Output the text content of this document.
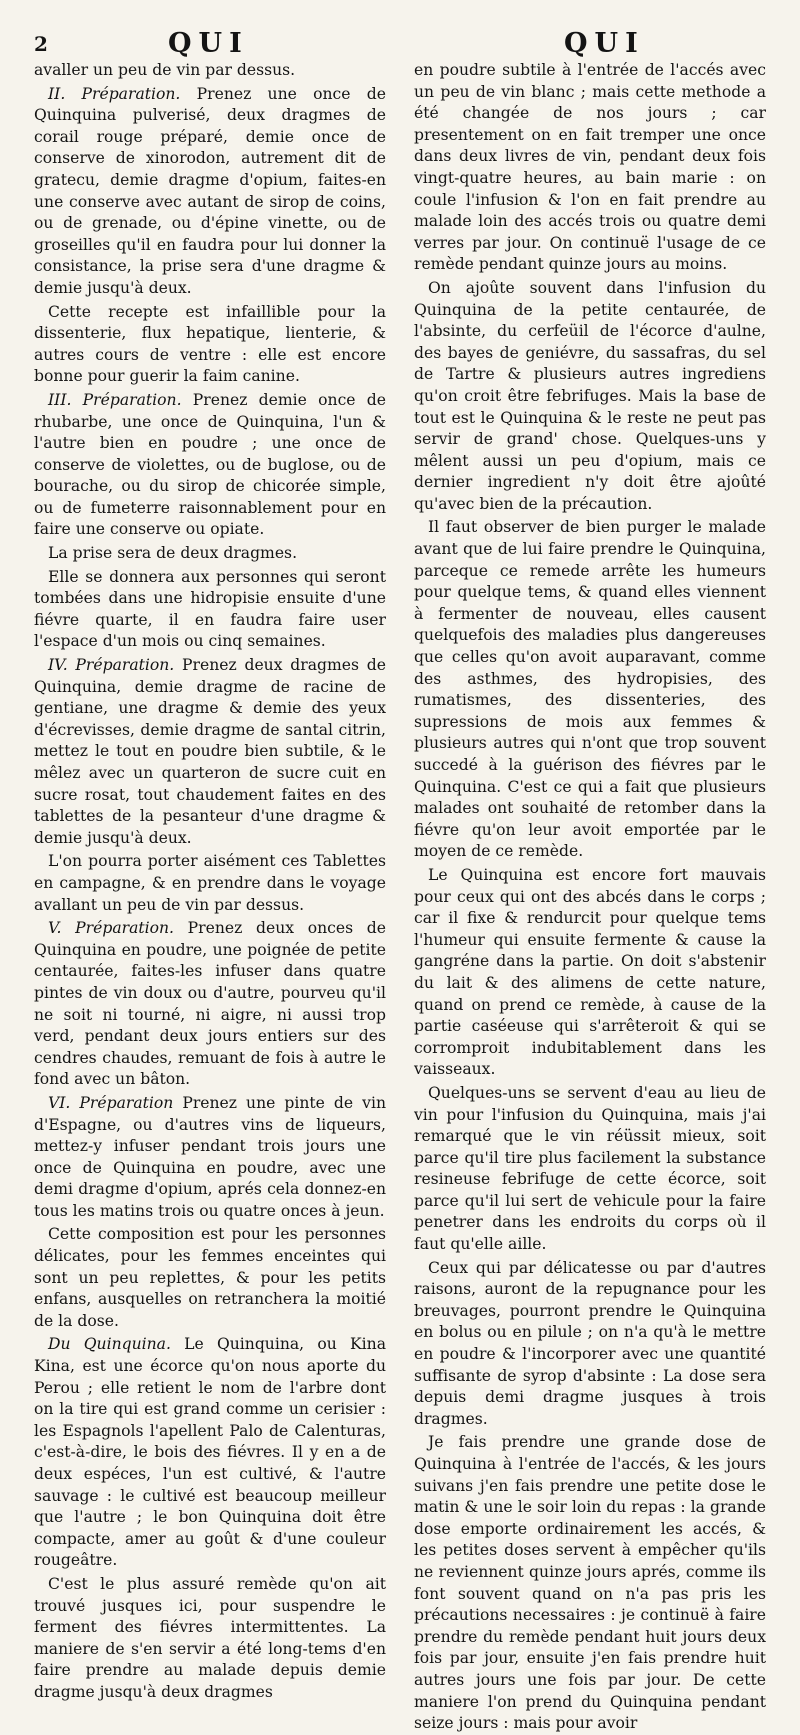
2	QUI	QUI

avaller un peu de vin par dessus.

II. Préparation. Prenez une once de Quinquina pulverisé, deux dragmes de corail rouge préparé, demie once de conserve de xinorodon, autrement dit de gratecu, demie dragme d'opium, faites-en une conserve avec autant de sirop de coins, ou de grenade, ou d'épine vinette, ou de groseilles qu'il en faudra pour lui donner la consistance, la prise sera d'une dragme & demie jusqu'à deux.

Cette recepte est infaillible pour la dissenterie, flux hepatique, lienterie, & autres cours de ventre : elle est encore bonne pour guerir la faim canine.

III. Préparation. Prenez demie once de rhubarbe, une once de Quinquina, l'un & l'autre bien en poudre ; une once de conserve de violettes, ou de buglose, ou de bourache, ou du sirop de chicorée simple, ou de fumeterre raisonnablement pour en faire une conserve ou opiate.

La prise sera de deux dragmes.

Elle se donnera aux personnes qui seront tombées dans une hidropisie ensuite d'une fiévre quarte, il en faudra faire user l'espace d'un mois ou cinq semaines.

IV. Préparation. Prenez deux dragmes de Quinquina, demie dragme de racine de gentiane, une dragme & demie des yeux d'écrevisses, demie dragme de santal citrin, mettez le tout en poudre bien subtile, & le mêlez avec un quarteron de sucre cuit en sucre rosat, tout chaudement faites en des tablettes de la pesanteur d'une dragme & demie jusqu'à deux.

L'on pourra porter aisément ces Tablettes en campagne, & en prendre dans le voyage avallant un peu de vin par dessus.

V. Préparation. Prenez deux onces de Quinquina en poudre, une poignée de petite centaurée, faites-les infuser dans quatre pintes de vin doux ou d'autre, pourveu qu'il ne soit ni tourné, ni aigre, ni aussi trop verd, pendant deux jours entiers sur des cendres chaudes, remuant de fois à autre le fond avec un bâton.

VI. Préparation Prenez une pinte de vin d'Espagne, ou d'autres vins de liqueurs, mettez-y infuser pendant trois jours une once de Quinquina en poudre, avec une demi dragme d'opium, aprés cela donnez-en tous les matins trois ou quatre onces à jeun.

Cette composition est pour les personnes délicates, pour les femmes enceintes qui sont un peu replettes, & pour les petits enfans, ausquelles on retranchera la moitié de la dose.

Du Quinquina. Le Quinquina, ou Kina Kina, est une écorce qu'on nous aporte du Perou ; elle retient le nom de l'arbre dont on la tire qui est grand comme un cerisier : les Espagnols l'apellent Palo de Calenturas, c'est-à-dire, le bois des fiévres. Il y en a de deux espéces, l'un est cultivé, & l'autre sauvage : le cultivé est beaucoup meilleur que l'autre ; le bon Quinquina doit être compacte, amer au goût & d'une couleur rougeâtre.

C'est le plus assuré remède qu'on ait trouvé jusques ici, pour suspendre le ferment des fiévres intermittentes. La maniere de s'en servir a été long-tems d'en faire prendre au malade depuis demie dragme jusqu'à deux dragmes

en poudre subtile à l'entrée de l'accés avec un peu de vin blanc ; mais cette methode a été changée de nos jours ; car presentement on en fait tremper une once dans deux livres de vin, pendant deux fois vingt-quatre heures, au bain marie : on coule l'infusion & l'on en fait prendre au malade loin des accés trois ou quatre demi verres par jour. On continuë l'usage de ce remède pendant quinze jours au moins.

On ajoûte souvent dans l'infusion du Quinquina de la petite centaurée, de l'absinte, du cerfeüil de l'écorce d'aulne, des bayes de geniévre, du sassafras, du sel de Tartre & plusieurs autres ingrediens qu'on croit être febrifuges. Mais la base de tout est le Quinquina & le reste ne peut pas servir de grand' chose. Quelques-uns y mêlent aussi un peu d'opium, mais ce dernier ingredient n'y doit être ajoûté qu'avec bien de la précaution.

Il faut observer de bien purger le malade avant que de lui faire prendre le Quinquina, parceque ce remede arrête les humeurs pour quelque tems, & quand elles viennent à fermenter de nouveau, elles causent quelquefois des maladies plus dangereuses que celles qu'on avoit auparavant, comme des asthmes, des hydropisies, des rumatismes, des dissenteries, des supressions de mois aux femmes & plusieurs autres qui n'ont que trop souvent succedé à la guérison des fiévres par le Quinquina. C'est ce qui a fait que plusieurs malades ont souhaité de retomber dans la fiévre qu'on leur avoit emportée par le moyen de ce remède.

Le Quinquina est encore fort mauvais pour ceux qui ont des abcés dans le corps ; car il fixe & rendurcit pour quelque tems l'humeur qui ensuite fermente & cause la gangréne dans la partie. On doit s'abstenir du lait & des alimens de cette nature, quand on prend ce remède, à cause de la partie caséeuse qui s'arrêteroit & qui se corromproit indubitablement dans les vaisseaux.

Quelques-uns se servent d'eau au lieu de vin pour l'infusion du Quinquina, mais j'ai remarqué que le vin réüssit mieux, soit parce qu'il tire plus facilement la substance resineuse febrifuge de cette écorce, soit parce qu'il lui sert de vehicule pour la faire penetrer dans les endroits du corps où il faut qu'elle aille.

Ceux qui par délicatesse ou par d'autres raisons, auront de la repugnance pour les breuvages, pourront prendre le Quinquina en bolus ou en pilule ; on n'a qu'à le mettre en poudre & l'incorporer avec une quantité suffisante de syrop d'absinte : La dose sera depuis demi dragme jusques à trois dragmes.

Je fais prendre une grande dose de Quinquina à l'entrée de l'accés, & les jours suivans j'en fais prendre une petite dose le matin & une le soir loin du repas : la grande dose emporte ordinairement les accés, & les petites doses servent à empêcher qu'ils ne reviennent quinze jours aprés, comme ils font souvent quand on n'a pas pris les précautions necessaires : je continuë à faire prendre du remède pendant huit jours deux fois par jour, ensuite j'en fais prendre huit autres jours une fois par jour. De cette maniere l'on prend du Quinquina pendant seize jours : mais pour avoir
